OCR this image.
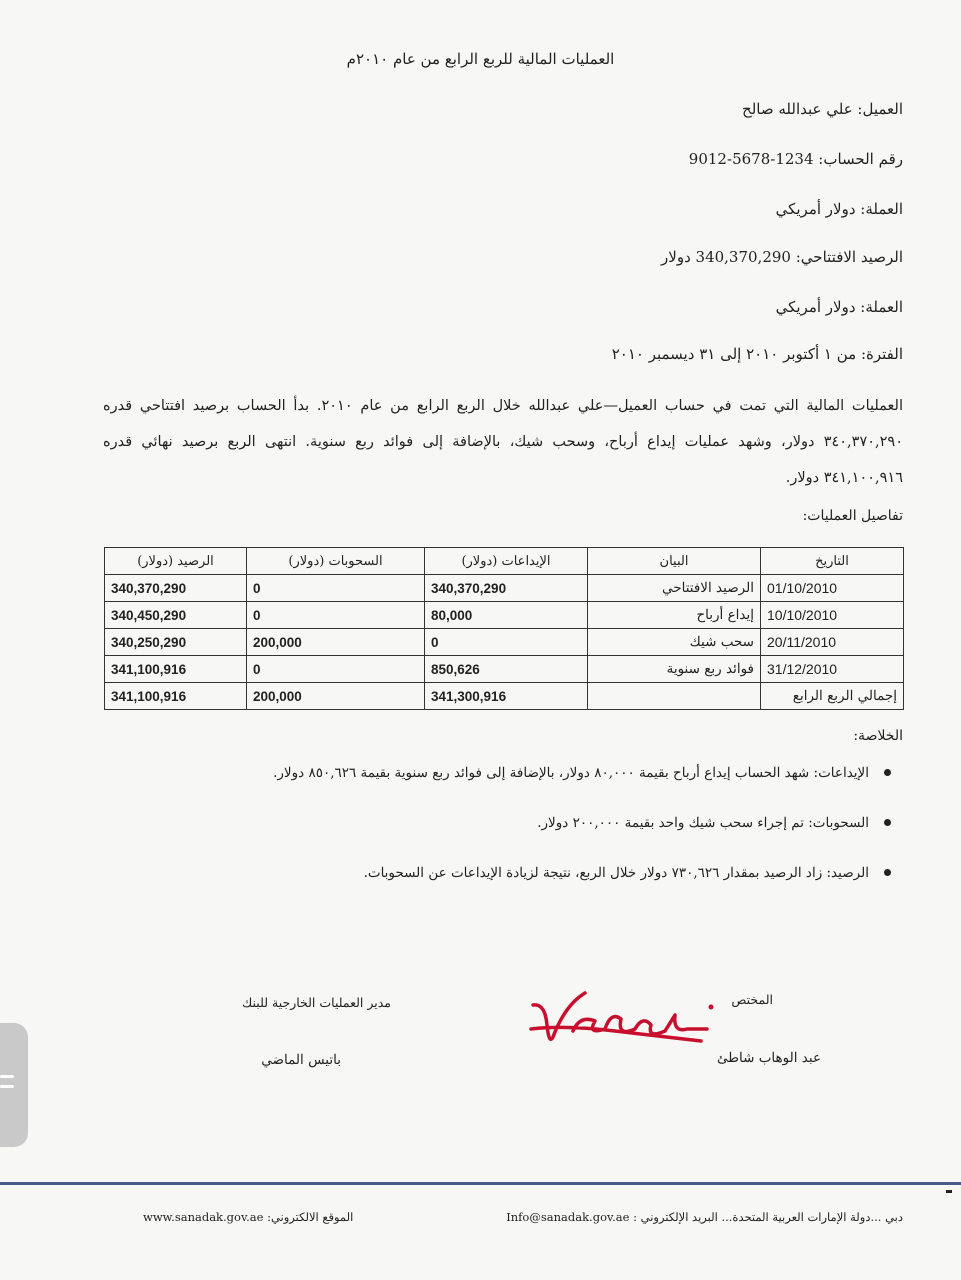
العمليات المالية للربع الرابع من عام ٢٠١٠م
العميل: علي عبدالله صالح
رقم الحساب: 1234-5678-9012
العملة: دولار أمريكي
الرصيد الافتتاحي: 340,370,290 دولار
العملة: دولار أمريكي
الفترة: من ١ أكتوبر ٢٠١٠ إلى ٣١ ديسمبر ٢٠١٠
العمليات المالية التي تمت في حساب العميل—علي عبدالله خلال الربع الرابع من عام ٢٠١٠. بدأ الحساب برصيد افتتاحي قدره ٣٤٠,٣٧٠,٢٩٠ دولار، وشهد عمليات إيداع أرباح، وسحب شيك، بالإضافة إلى فوائد ربع سنوية. انتهى الربع برصيد نهائي قدره ٣٤١,١٠٠,٩١٦ دولار.
تفاصيل العمليات:
التاريخ	البيان	الإيداعات (دولار)	السحوبات (دولار)	الرصيد (دولار)
01/10/2010	الرصيد الافتتاحي	340,370,290	0	340,370,290
10/10/2010	إيداع أرباح	80,000	0	340,450,290
20/11/2010	سحب شيك	0	200,000	340,250,290
31/12/2010	فوائد ربع سنوية	850,626	0	341,100,916
إجمالي الربع الرابع		341,300,916	200,000	341,100,916
الخلاصة:
الإيداعات: شهد الحساب إيداع أرباح بقيمة ٨٠,٠٠٠ دولار، بالإضافة إلى فوائد ربع سنوية بقيمة ٨٥٠,٦٢٦ دولار.
السحوبات: تم إجراء سحب شيك واحد بقيمة ٢٠٠,٠٠٠ دولار.
الرصيد: زاد الرصيد بمقدار ٧٣٠,٦٢٦ دولار خلال الربع، نتيجة لزيادة الإيداعات عن السحوبات.
المختص
عبد الوهاب شاطئ
مدير العمليات الخارجية للبنك
باتيس الماضي
دبي ...دولة الإمارات العربية المتحدة... البريد الإلكتروني : Info@sanadak.gov.ae
الموقع الالكتروني: www.sanadak.gov.ae
